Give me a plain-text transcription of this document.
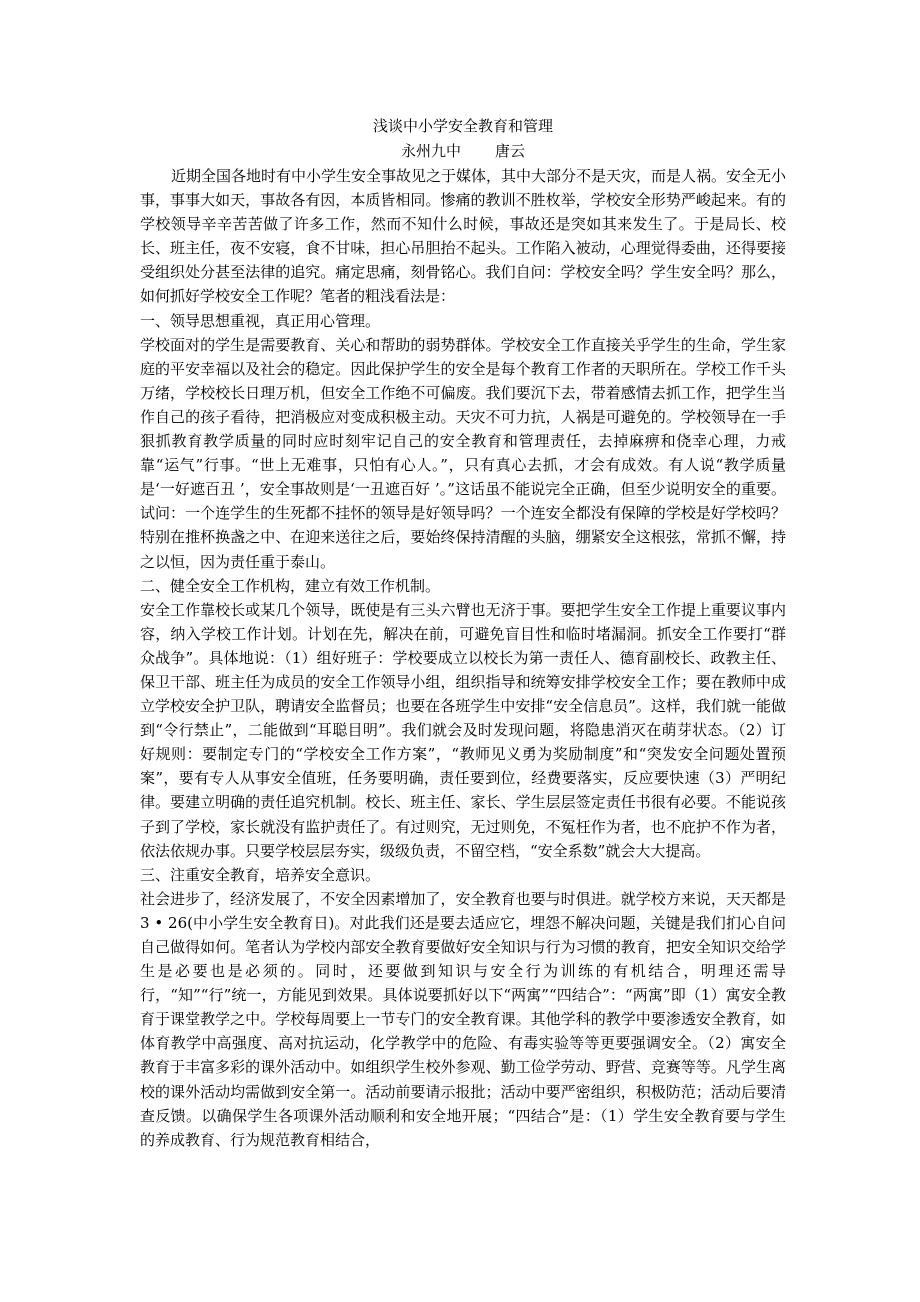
浅谈中小学安全教育和管理
永州九中 唐云

近期全国各地时有中小学生安全事故见之于媒体，其中大部分不是天灾，而是人祸。安全无小事，事事大如天，事故各有因，本质皆相同。惨痛的教训不胜枚举，学校安全形势严峻起来。有的学校领导辛辛苦苦做了许多工作，然而不知什么时候，事故还是突如其来发生了。于是局长、校长、班主任，夜不安寝，食不甘味，担心吊胆抬不起头。工作陷入被动，心理觉得委曲，还得要接受组织处分甚至法律的追究。痛定思痛，刻骨铭心。我们自问：学校安全吗？学生安全吗？那么，如何抓好学校安全工作呢？笔者的粗浅看法是：

一、领导思想重视，真正用心管理。

学校面对的学生是需要教育、关心和帮助的弱势群体。学校安全工作直接关乎学生的生命，学生家庭的平安幸福以及社会的稳定。因此保护学生的安全是每个教育工作者的天职所在。学校工作千头万绪，学校校长日理万机，但安全工作绝不可偏废。我们要沉下去，带着感情去抓工作，把学生当作自己的孩子看待，把消极应对变成积极主动。天灾不可力抗，人祸是可避免的。学校领导在一手狠抓教育教学质量的同时应时刻牢记自己的安全教育和管理责任，去掉麻痹和侥幸心理，力戒靠“运气”行事。“世上无难事，只怕有心人。”，只有真心去抓，才会有成效。有人说“教学质量是‘一好遮百丑 ’，安全事故则是‘一丑遮百好 ’。”这话虽不能说完全正确，但至少说明安全的重要。试问：一个连学生的生死都不挂怀的领导是好领导吗？一个连安全都没有保障的学校是好学校吗？特别在推杯换盏之中、在迎来送往之后，要始终保持清醒的头脑，绷紧安全这根弦，常抓不懈，持之以恒，因为责任重于泰山。

二、健全安全工作机构，建立有效工作机制。

安全工作靠校长或某几个领导，既使是有三头六臂也无济于事。要把学生安全工作提上重要议事内容，纳入学校工作计划。计划在先，解决在前，可避免盲目性和临时堵漏洞。抓安全工作要打“群众战争”。具体地说：（1）组好班子：学校要成立以校长为第一责任人、德育副校长、政教主任、保卫干部、班主任为成员的安全工作领导小组，组织指导和统筹安排学校安全工作；要在教师中成立学校安全护卫队，聘请安全监督员；也要在各班学生中安排“安全信息员”。这样，我们就一能做到“令行禁止”，二能做到“耳聪目明”。我们就会及时发现问题，将隐患消灭在萌芽状态。（2）订好规则：要制定专门的“学校安全工作方案”，“教师见义勇为奖励制度”和“突发安全问题处置预案”，要有专人从事安全值班，任务要明确，责任要到位，经费要落实，反应要快速（3）严明纪律。要建立明确的责任追究机制。校长、班主任、家长、学生层层签定责任书很有必要。不能说孩子到了学校，家长就没有监护责任了。有过则究，无过则免，不冤枉作为者，也不庇护不作为者，依法依规办事。只要学校层层夯实，级级负责，不留空档，“安全系数”就会大大提高。

三、注重安全教育，培养安全意识。

社会进步了，经济发展了，不安全因素增加了，安全教育也要与时俱进。就学校方来说，天天都是 3 • 26(中小学生安全教育日)。对此我们还是要去适应它，埋怨不解决问题，关键是我们扪心自问自己做得如何。笔者认为学校内部安全教育要做好安全知识与行为习惯的教育，把安全知识交给学生是必要也是必须的。同时，还要做到知识与安全行为训练的有机结合，明理还需导行，“知”“行”统一，方能见到效果。具体说要抓好以下“两寓”“四结合”：“两寓”即（1）寓安全教育于课堂教学之中。学校每周要上一节专门的安全教育课。其他学科的教学中要渗透安全教育，如体育教学中高强度、高对抗运动，化学教学中的危险、有毒实验等等更要强调安全。（2）寓安全教育于丰富多彩的课外活动中。如组织学生校外参观、勤工俭学劳动、野营、竞赛等等。凡学生离校的课外活动均需做到安全第一。活动前要请示报批；活动中要严密组织，积极防范；活动后要清查反馈。以确保学生各项课外活动顺利和安全地开展；“四结合”是：（1）学生安全教育要与学生的养成教育、行为规范教育相结合，
